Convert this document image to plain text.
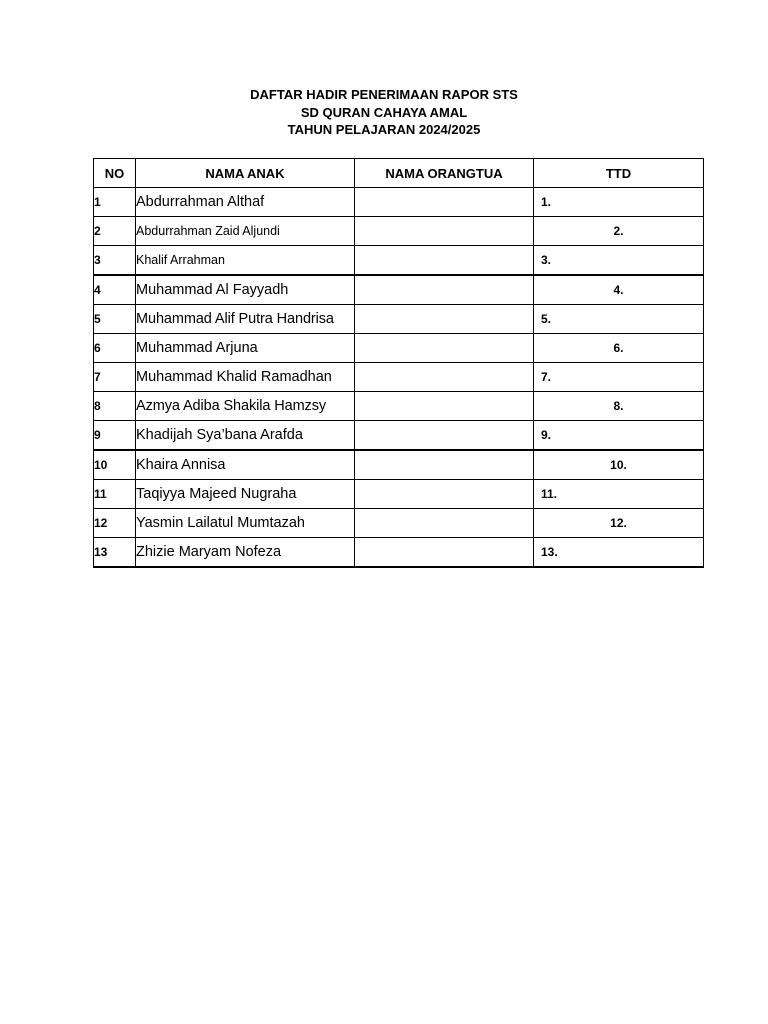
DAFTAR HADIR PENERIMAAN RAPOR STS
SD QURAN CAHAYA AMAL
TAHUN PELAJARAN 2024/2025
NO	NAMA ANAK	NAMA ORANGTUA	TTD
1	Abdurrahman Althaf		1.
2	Abdurrahman Zaid Aljundi		2.
3	Khalif Arrahman		3.
4	Muhammad Al Fayyadh		4.
5	Muhammad Alif Putra Handrisa		5.
6	Muhammad Arjuna		6.
7	Muhammad Khalid Ramadhan		7.
8	Azmya Adiba Shakila Hamzsy		8.
9	Khadijah Sya’bana Arafda		9.
10	Khaira Annisa		10.
11	Taqiyya Majeed Nugraha		11.
12	Yasmin Lailatul Mumtazah		12.
13	Zhizie Maryam Nofeza		13.
